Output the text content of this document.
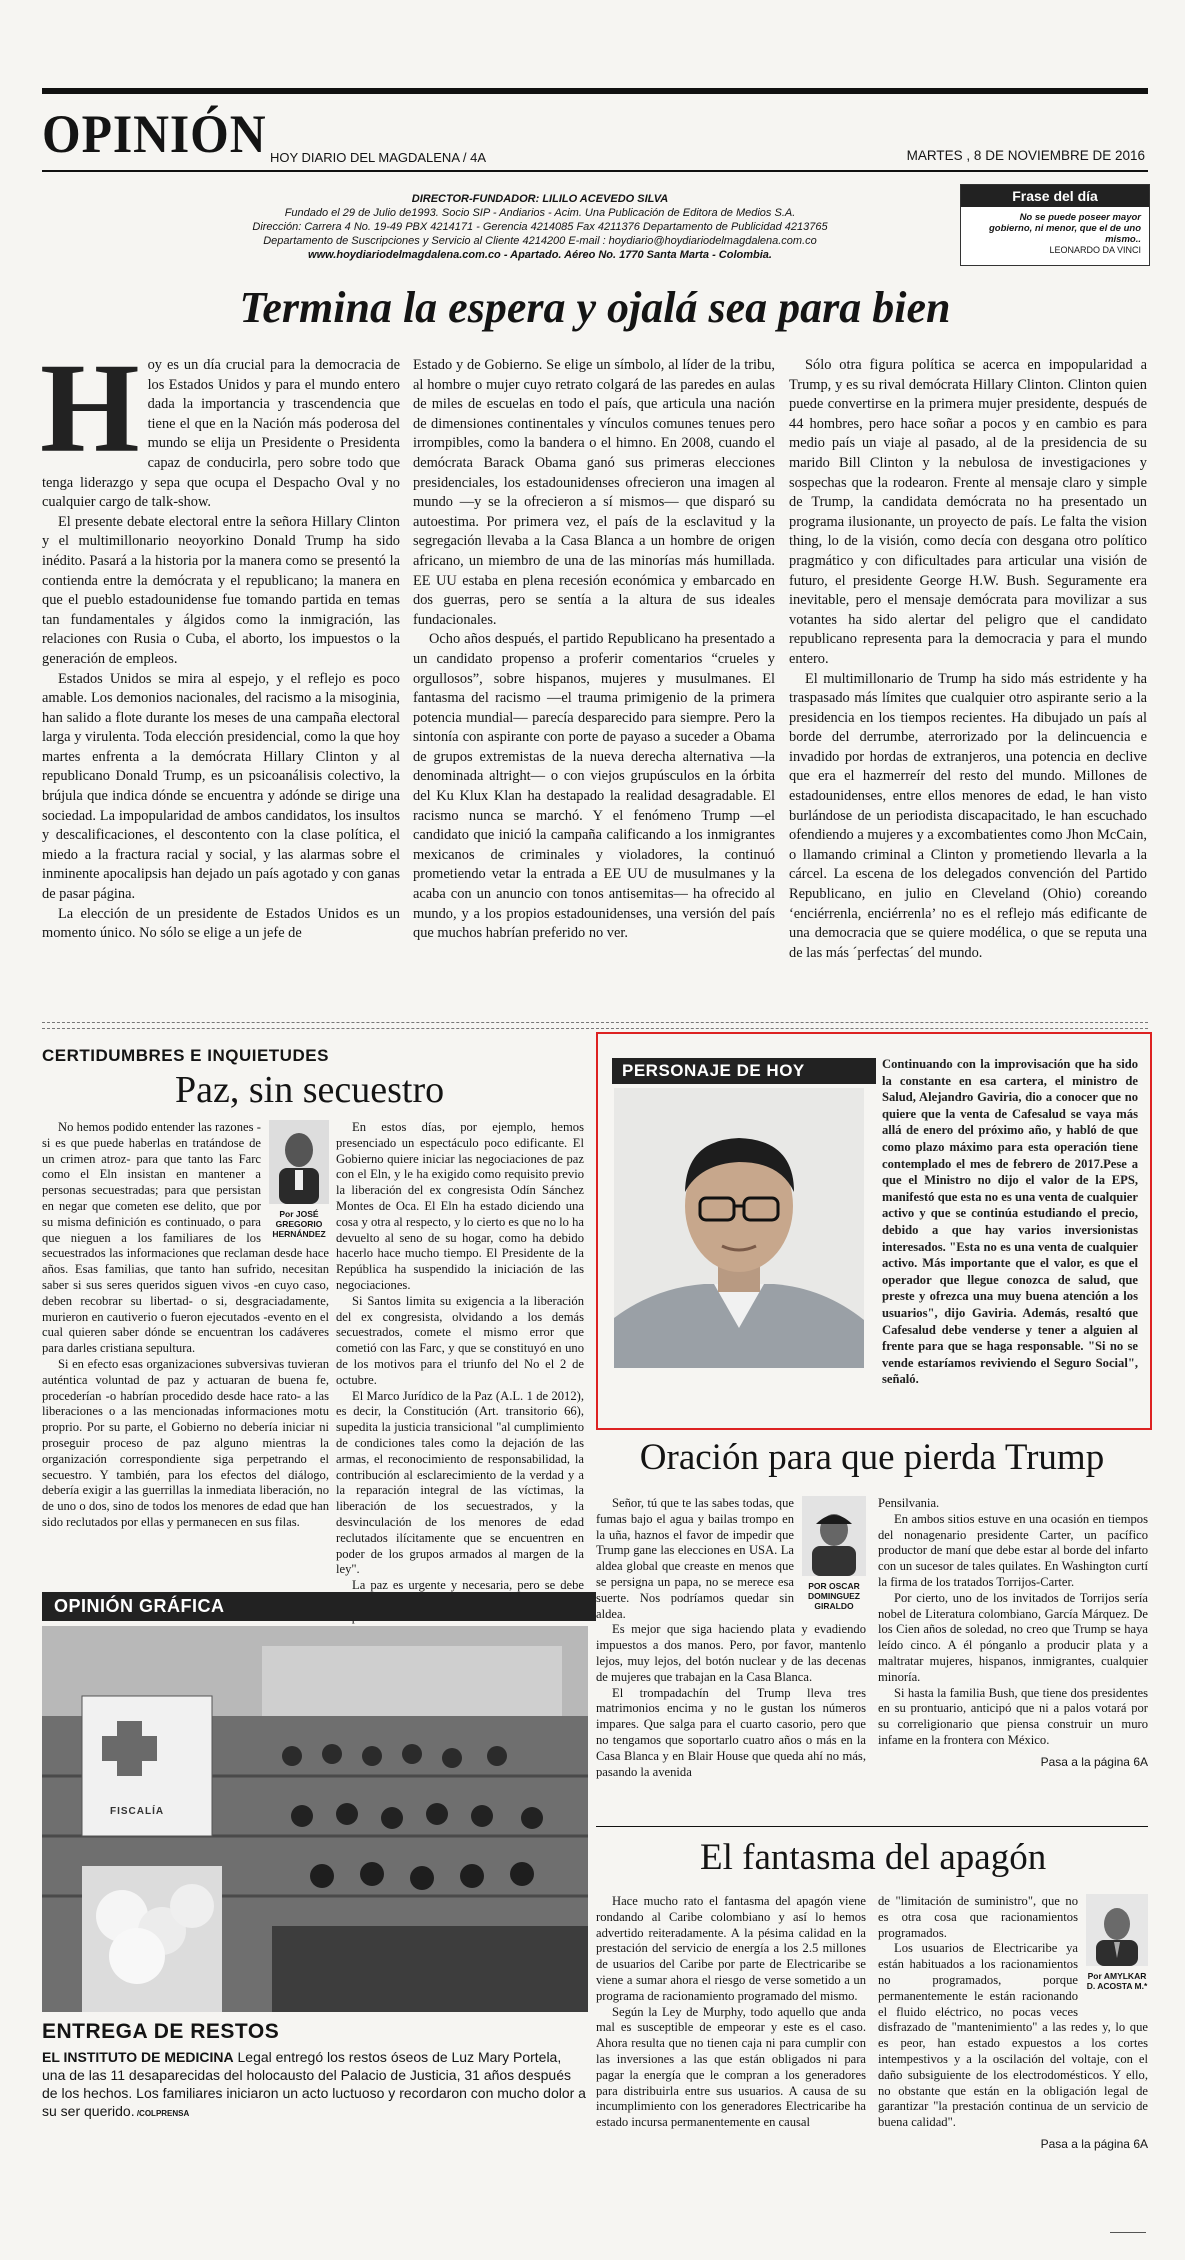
OPINIÓN HOY DIARIO DEL MAGDALENA / 4A	MARTES , 8 DE NOVIEMBRE DE 2016
DIRECTOR-FUNDADOR: LILILO ACEVEDO SILVA
Fundado el 29 de Julio de1993. Socio SIP - Andiarios - Acim. Una Publicación de Editora de Medios S.A.
Dirección: Carrera 4 No. 19-49 PBX 4214171 - Gerencia 4214085 Fax 4211376 Departamento de Publicidad 4213765
Departamento de Suscripciones y Servicio al Cliente 4214200 E-mail : hoydiario@hoydiariodelmagdalena.com.co
www.hoydiariodelmagdalena.com.co - Apartado. Aéreo No. 1770 Santa Marta - Colombia.
Frase del día
No se puede poseer mayor gobierno, ni menor, que el de uno mismo..
LEONARDO DA VINCI
Termina la espera y ojalá sea para bien
H oy es un día crucial para la democracia de los Estados Unidos y para el mundo entero dada la importancia y trascendencia que tiene el que en la Nación más poderosa del mundo se elija un Presidente o Presidenta capaz de conducirla, pero sobre todo que tenga liderazgo y sepa que ocupa el Despacho Oval y no cualquier cargo de talk-show.

El presente debate electoral entre la señora Hillary Clinton y el multimillonario neoyorkino Donald Trump ha sido inédito. Pasará a la historia por la manera como se presentó la contienda entre la demócrata y el republicano; la manera en que el pueblo estadounidense fue tomando partida en temas tan fundamentales y álgidos como la inmigración, las relaciones con Rusia o Cuba, el aborto, los impuestos o la generación de empleos.

Estados Unidos se mira al espejo, y el reflejo es poco amable. Los demonios nacionales, del racismo a la misoginia, han salido a flote durante los meses de una campaña electoral larga y virulenta. Toda elección presidencial, como la que hoy martes enfrenta a la demócrata Hillary Clinton y al republicano Donald Trump, es un psicoanálisis colectivo, la brújula que indica dónde se encuentra y adónde se dirige una sociedad. La impopularidad de ambos candidatos, los insultos y descalificaciones, el descontento con la clase política, el miedo a la fractura racial y social, y las alarmas sobre el inminente apocalipsis han dejado un país agotado y con ganas de pasar página.

La elección de un presidente de Estados Unidos es un momento único. No sólo se elige a un jefe de

Estado y de Gobierno. Se elige un símbolo, al líder de la tribu, al hombre o mujer cuyo retrato colgará de las paredes en aulas de miles de escuelas en todo el país, que articula una nación de dimensiones continentales y vínculos comunes tenues pero irrompibles, como la bandera o el himno. En 2008, cuando el demócrata Barack Obama ganó sus primeras elecciones presidenciales, los estadounidenses ofrecieron una imagen al mundo —y se la ofrecieron a sí mismos— que disparó su autoestima. Por primera vez, el país de la esclavitud y la segregación llevaba a la Casa Blanca a un hombre de origen africano, un miembro de una de las minorías más humillada. EE UU estaba en plena recesión económica y embarcado en dos guerras, pero se sentía a la altura de sus ideales fundacionales.

Ocho años después, el partido Republicano ha presentado a un candidato propenso a proferir comentarios “crueles y orgullosos”, sobre hispanos, mujeres y musulmanes. El fantasma del racismo —el trauma primigenio de la primera potencia mundial— parecía desparecido para siempre. Pero la sintonía con aspirante con porte de payaso a suceder a Obama de grupos extremistas de la nueva derecha alternativa —la denominada altright— o con viejos grupúsculos en la órbita del Ku Klux Klan ha destapado la realidad desagradable. El racismo nunca se marchó. Y el fenómeno Trump —el candidato que inició la campaña calificando a los inmigrantes mexicanos de criminales y violadores, la continuó prometiendo vetar la entrada a EE UU de musulmanes y la acaba con un anuncio con tonos antisemitas— ha ofrecido al mundo, y a los propios estadounidenses, una versión del país que muchos habrían preferido no ver.

Sólo otra figura política se acerca en impopularidad a Trump, y es su rival demócrata Hillary Clinton. Clinton quien puede convertirse en la primera mujer presidente, después de 44 hombres, pero hace soñar a pocos y en cambio es para medio país un viaje al pasado, al de la presidencia de su marido Bill Clinton y la nebulosa de investigaciones y sospechas que la rodearon. Frente al mensaje claro y simple de Trump, la candidata demócrata no ha presentado un programa ilusionante, un proyecto de país. Le falta the vision thing, lo de la visión, como decía con desgana otro político pragmático y con dificultades para articular una visión de futuro, el presidente George H.W. Bush. Seguramente era inevitable, pero el mensaje demócrata para movilizar a sus votantes ha sido alertar del peligro que el candidato republicano representa para la democracia y para el mundo entero.

El multimillonario de Trump ha sido más estridente y ha traspasado más límites que cualquier otro aspirante serio a la presidencia en los tiempos recientes. Ha dibujado un país al borde del derrumbe, aterrorizado por la delincuencia e invadido por hordas de extranjeros, una potencia en declive que era el hazmerreír del resto del mundo. Millones de estadounidenses, entre ellos menores de edad, le han visto burlándose de un periodista discapacitado, le han escuchado ofendiendo a mujeres y a excombatientes como Jhon McCain, o llamando criminal a Clinton y prometiendo llevarla a la cárcel. La escena de los delegados convención del Partido Republicano, en julio en Cleveland (Ohio) coreando ‘enciérrenla, enciérrenla’ no es el reflejo más edificante de una democracia que se quiere modélica, o que se reputa una de las más ´perfectas´ del mundo.

CERTIDUMBRES E INQUIETUDES
Paz, sin secuestro
Por JOSÉ GREGORIO HERNÁNDEZ

No hemos podido entender las razones -si es que puede haberlas en tratándose de un crimen atroz- para que tanto las Farc como el Eln insistan en mantener a personas secuestradas; para que persistan en negar que cometen ese delito, que por su misma definición es continuado, o para que nieguen a los familiares de los secuestrados las informaciones que reclaman desde hace años. Esas familias, que tanto han sufrido, necesitan saber si sus seres queridos siguen vivos -en cuyo caso, deben recobrar su libertad- o si, desgraciadamente, murieron en cautiverio o fueron ejecutados -evento en el cual quieren saber dónde se encuentran los cadáveres para darles cristiana sepultura.

Si en efecto esas organizaciones subversivas tuvieran auténtica voluntad de paz y actuaran de buena fe, procederían -o habrían procedido desde hace rato- a las liberaciones o a las mencionadas informaciones motu proprio. Por su parte, el Gobierno no debería iniciar ni proseguir proceso de paz alguno mientras la organización correspondiente siga perpetrando el secuestro. Y también, para los efectos del diálogo, debería exigir a las guerrillas la inmediata liberación, no de uno o dos, sino de todos los menores de edad que han sido reclutados por ellas y permanecen en sus filas.

En estos días, por ejemplo, hemos presenciado un espectáculo poco edificante. El Gobierno quiere iniciar las negociaciones de paz con el Eln, y le ha exigido como requisito previo la liberación del ex congresista Odín Sánchez Montes de Oca. El Eln ha estado diciendo una cosa y otra al respecto, y lo cierto es que no lo ha devuelto al seno de su hogar, como ha debido hacerlo hace mucho tiempo. El Presidente de la República ha suspendido la iniciación de las negociaciones.

Si Santos limita su exigencia a la liberación del ex congresista, olvidando a los demás secuestrados, comete el mismo error que cometió con las Farc, y que se constituyó en uno de los motivos para el triunfo del No el 2 de octubre.

El Marco Jurídico de la Paz (A.L. 1 de 2012), es decir, la Constitución (Art. transitorio 66), supedita la justicia transicional "al cumplimiento de condiciones tales como la dejación de las armas, el reconocimiento de responsabilidad, la contribución al esclarecimiento de la verdad y a la reparación integral de las víctimas, la liberación de los secuestrados, y la desvinculación de los menores de edad reclutados ilícitamente que se encuentren en poder de los grupos armados al margen de la ley".

La paz es urgente y necesaria, pero se debe

PERSONAJE DE HOY	Continuando con la improvisación que ha sido la constante en esa cartera, el ministro de Salud, Alejandro Gaviria, dio a conocer que no quiere que la venta de Cafesalud se vaya más allá de enero del próximo año, y habló de que como plazo máximo para esta operación tiene contemplado el mes de febrero de 2017.Pese a que el Ministro no dijo el valor de la EPS, manifestó que esta no es una venta de cualquier activo y que se continúa estudiando el precio, debido a que hay varios inversionistas interesados. "Esta no es una venta de cualquier activo. Más importante que el valor, es que el operador que llegue conozca de salud, que preste y ofrezca una muy buena atención a los usuarios", dijo Gaviria. Además, resaltó que Cafesalud debe venderse y tener a alguien al frente para que se haga responsable. "Si no se vende estaríamos reviviendo el Seguro Social", señaló.
Oración para que pierda Trump
POR OSCAR DOMINGUEZ GIRALDO

Señor, tú que te las sabes todas, que fumas bajo el agua y bailas trompo en la uña, haznos el favor de impedir que Trump gane las elecciones en USA. La aldea global que creaste en menos que se persigna un papa, no se merece esa suerte. Nos podríamos quedar sin aldea.

Es mejor que siga haciendo plata y evadiendo impuestos a dos manos. Pero, por favor, mantenlo lejos, muy lejos, del botón nuclear y de las decenas de mujeres que trabajan en la Casa Blanca.

El trompadachín del Trump lleva tres matrimonios encima y no le gustan los números impares. Que salga para el cuarto casorio, pero que no tengamos que soportarlo cuatro años o más en la Casa Blanca y en Blair House que queda ahí no más, pasando la avenida

Pensilvania.

En ambos sitios estuve en una ocasión en tiempos del nonagenario presidente Carter, un pacífico productor de maní que debe estar al borde del infarto con un sucesor de tales quilates. En Washington curtí la firma de los tratados Torrijos-Carter.

Por cierto, uno de los invitados de Torrijos sería nobel de Literatura colombiano, García Márquez. De los Cien años de soledad, no creo que Trump se haya leído cinco. A él pónganlo a producir plata y a maltratar mujeres, hispanos, inmigrantes, cualquier minoría.

Si hasta la familia Bush, que tiene dos presidentes en su prontuario, anticipó que ni a palos votará por su correligionario que piensa construir un muro infame en la frontera con México.

Pasa a la página 6A

OPINIÓN GRÁFICA
FISCALÍA
ENTREGA DE RESTOS
EL INSTITUTO DE MEDICINA Legal entregó los restos óseos de Luz Mary Portela, una de las 11 desaparecidas del holocausto del Palacio de Justicia, 31 años después de los hechos. Los familiares iniciaron un acto luctuoso y recordaron con mucho dolor a su ser querido. /COLPRENSA
El fantasma del apagón

Hace mucho rato el fantasma del apagón viene rondando al Caribe colombiano y así lo hemos advertido reiteradamente. A la pésima calidad en la prestación del servicio de energía a los 2.5 millones de usuarios del Caribe por parte de Electricaribe se viene a sumar ahora el riesgo de verse sometido a un programa de racionamiento programado del mismo.

Según la Ley de Murphy, todo aquello que anda mal es susceptible de empeorar y este es el caso. Ahora resulta que no tienen caja ni para cumplir con las inversiones a las que están obligados ni para pagar la energía que le compran a los generadores para distribuirla entre sus usuarios. A causa de su incumplimiento con los generadores Electricaribe ha estado incursa permanentemente en causal

Por AMYLKAR D. ACOSTA M.*

de "limitación de suministro", que no es otra cosa que racionamientos programados.

Los usuarios de Electricaribe ya están habituados a los racionamientos no programados, porque permanentemente le están racionando el fluido eléctrico, no pocas veces disfrazado de "mantenimiento" a las redes y, lo que es peor, han estado expuestos a los cortes intempestivos y a la oscilación del voltaje, con el daño subsiguiente de los electrodomésticos. Y ello, no obstante que están en la obligación legal de garantizar "la prestación continua de un servicio de buena calidad".

Pasa a la página 6A
